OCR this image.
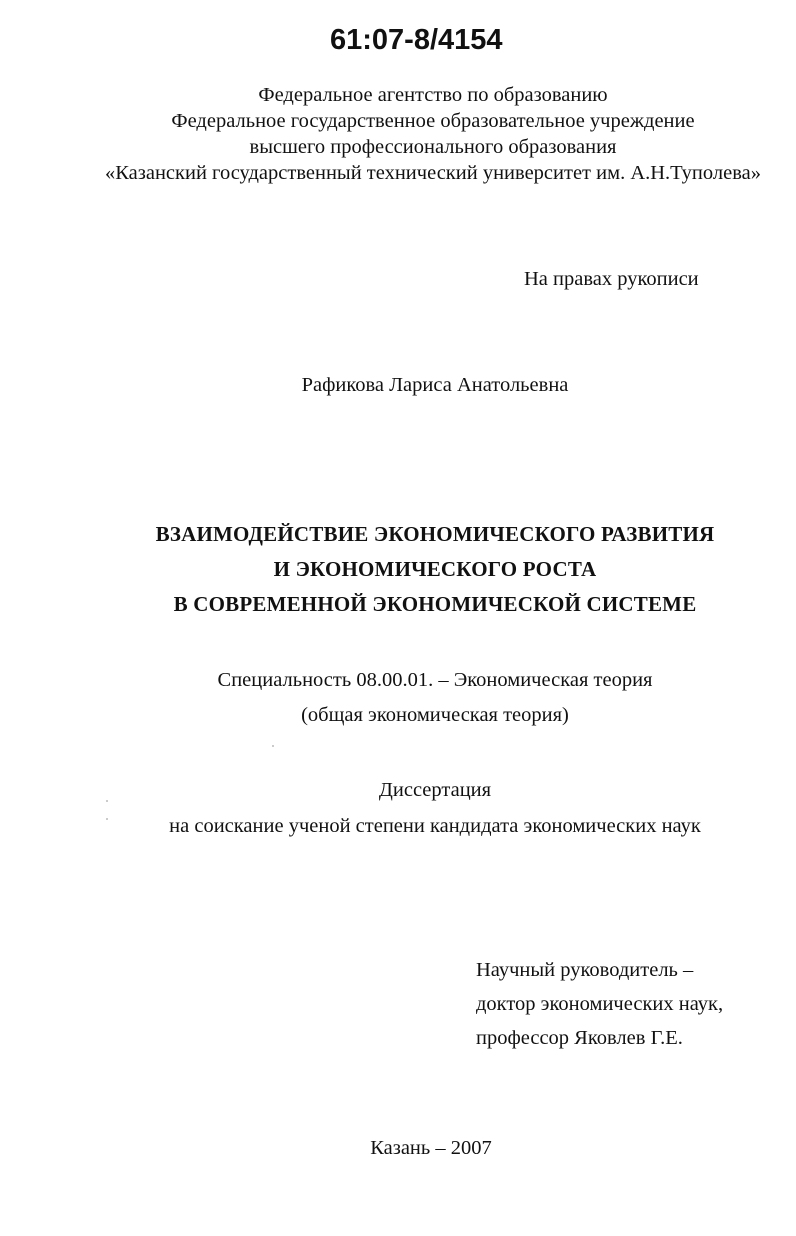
61:07-8/4154
Федеральное агентство по образованию
Федеральное государственное образовательное учреждение
высшего профессионального образования
«Казанский государственный технический университет им. А.Н.Туполева»
На правах рукописи
Рафикова Лариса Анатольевна
ВЗАИМОДЕЙСТВИЕ ЭКОНОМИЧЕСКОГО РАЗВИТИЯ
И ЭКОНОМИЧЕСКОГО РОСТА
В СОВРЕМЕННОЙ ЭКОНОМИЧЕСКОЙ СИСТЕМЕ
Специальность 08.00.01. – Экономическая теория
(общая экономическая теория)
Диссертация
на соискание ученой степени кандидата экономических наук
Научный руководитель –
доктор экономических наук,
профессор Яковлев Г.Е.
Казань – 2007
